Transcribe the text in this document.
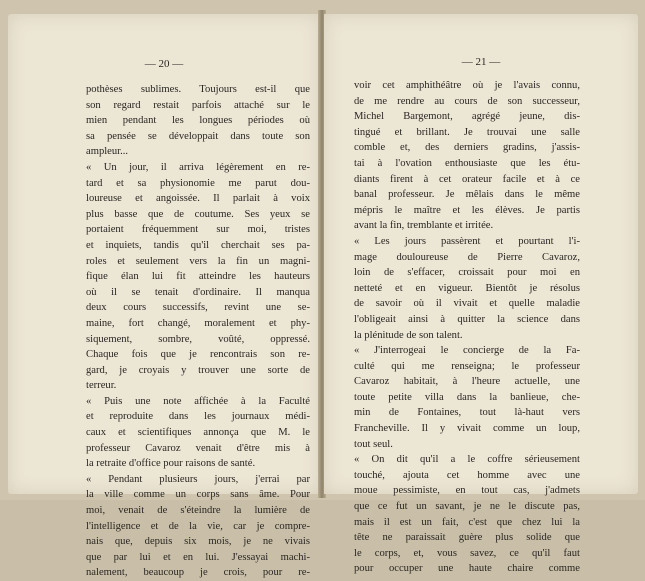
— 20 —
pothèses sublimes. Toujours est-il que
son regard restait parfois attaché sur le
mien pendant les longues périodes où
sa pensée se développait dans toute son
ampleur...
« Un jour, il arriva légèrement en re-
tard et sa physionomie me parut dou-
loureuse et angoissée. Il parlait à voix
plus basse que de coutume. Ses yeux se
portaient fréquemment sur moi, tristes
et inquiets, tandis qu'il cherchait ses pa-
roles et seulement vers la fin un magni-
fique élan lui fit atteindre les hauteurs
où il se tenait d'ordinaire. Il manqua
deux cours successifs, revint une se-
maine, fort changé, moralement et phy-
siquement, sombre, voûté, oppressé.
Chaque fois que je rencontrais son re-
gard, je croyais y trouver une sorte de
terreur.
« Puis une note affichée à la Faculté
et reproduite dans les journaux médi-
caux et scientifiques annonça que M. le
professeur Cavaroz venait d'être mis à
la retraite d'office pour raisons de santé.
« Pendant plusieurs jours, j'errai par
la ville comme un corps sans âme. Pour
moi, venait de s'éteindre la lumière de
l'intelligence et de la vie, car je compre-
nais que, depuis six mois, je ne vivais
que par lui et en lui. J'essayai machi-
nalement, beaucoup je crois, pour re-
— 21 —
voir cet amphithéâtre où je l'avais connu,
de me rendre au cours de son successeur,
Michel Bargemont, agrégé jeune, dis-
tingué et brillant. Je trouvai une salle
comble et, des derniers gradins, j'assis-
tai à l'ovation enthousiaste que les étu-
diants firent à cet orateur facile et à ce
banal professeur. Je mêlais dans le même
mépris le maître et les élèves. Je partis
avant la fin, tremblante et irritée.
« Les jours passèrent et pourtant l'i-
mage douloureuse de Pierre Cavaroz,
loin de s'effacer, croissait pour moi en
netteté et en vigueur. Bientôt je résolus
de savoir où il vivait et quelle maladie
l'obligeait ainsi à quitter la science dans
la plénitude de son talent.
« J'interrogeai le concierge de la Fa-
culté qui me renseigna; le professeur
Cavaroz habitait, à l'heure actuelle, une
toute petite villa dans la banlieue, che-
min de Fontaines, tout là-haut vers
Francheville. Il y vivait comme un loup,
tout seul.
« On dit qu'il a le coffre sérieusement
touché, ajouta cet homme avec une
moue pessimiste, en tout cas, j'admets
que ce fut un savant, je ne le discute pas,
mais il est un fait, c'est que chez lui la
tête ne paraissait guère plus solide que
le corps, et, vous savez, ce qu'il faut
pour occuper une haute chaire comme
